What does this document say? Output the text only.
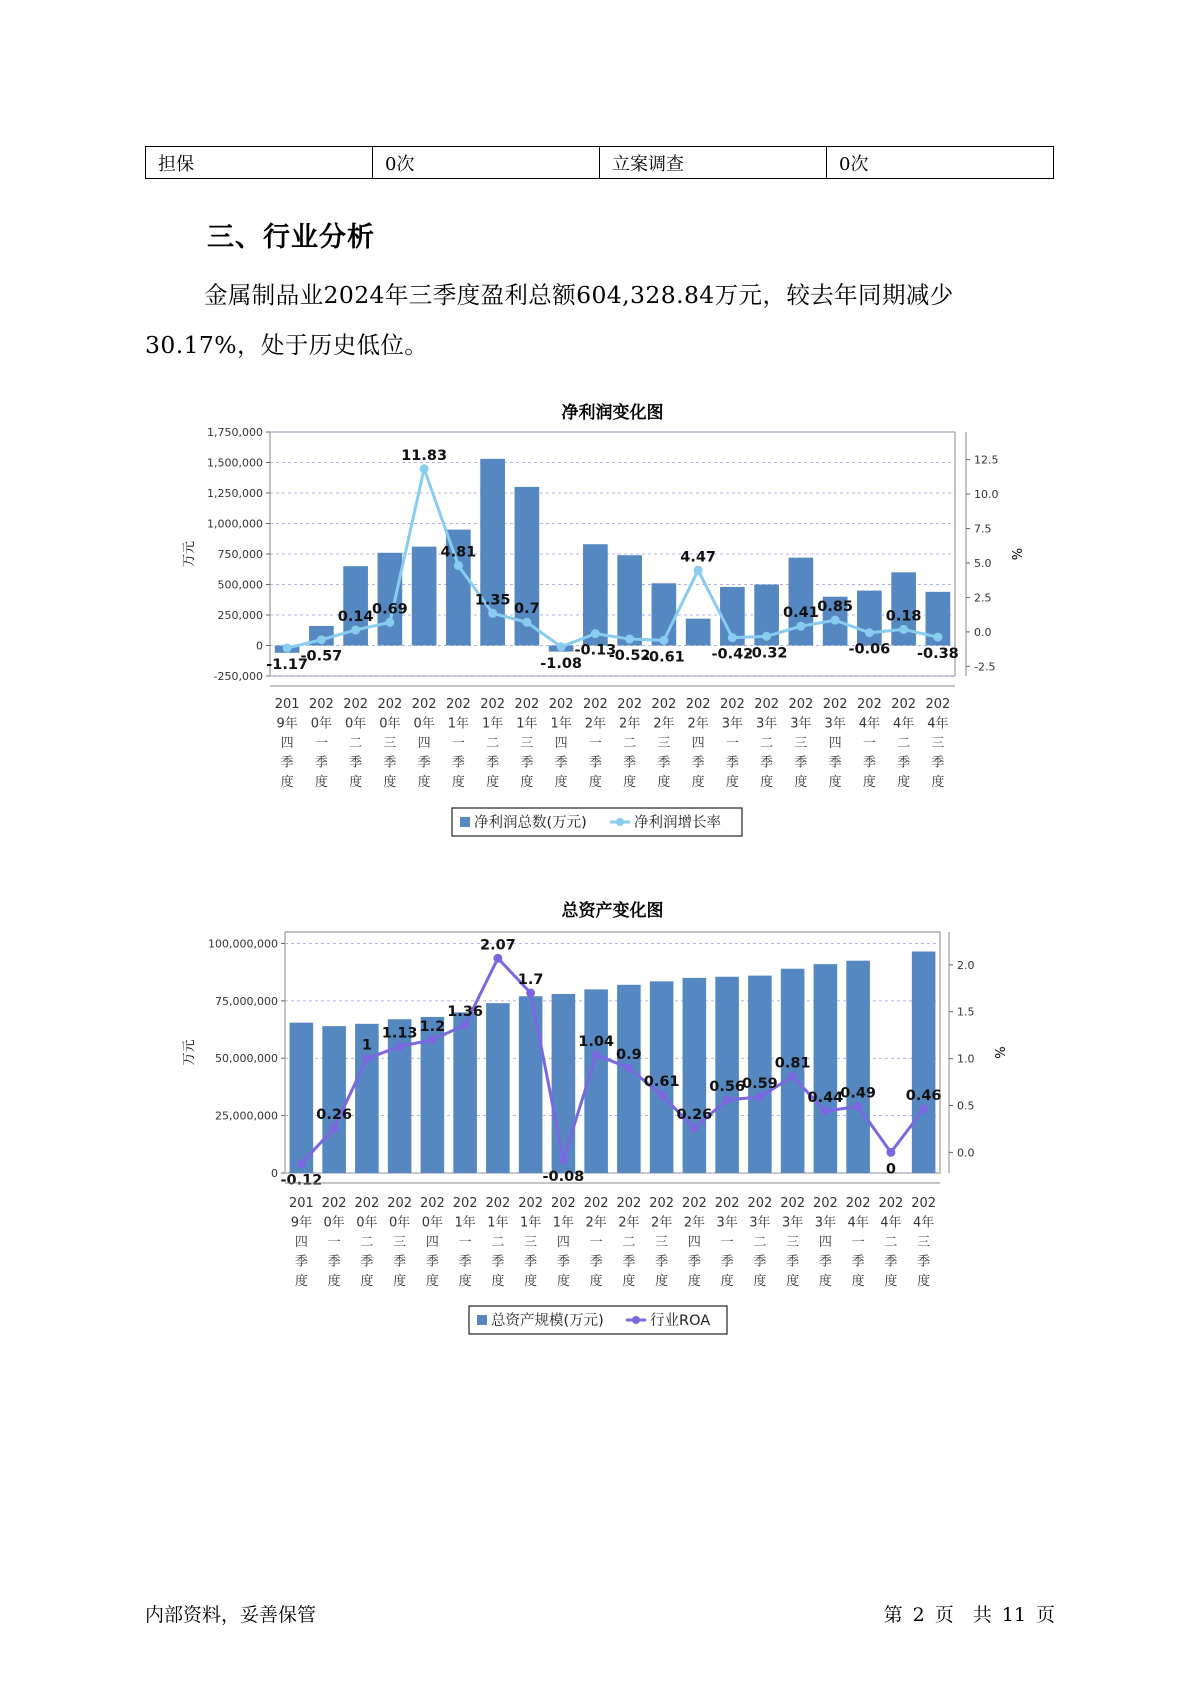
担保	0次	立案调查	0次
三、行业分析

金属制品业2024年三季度盈利总额604,328.84万元，较去年同期减少30.17%，处于历史低位。

净利润变化图
-250,000
0
250,000
500,000
750,000
1,000,000
1,250,000
1,500,000
1,750,000
-2.5
0.0
2.5
5.0
7.5
10.0
12.5
万元	%
-1.17
-0.57
0.14
0.69
11.83
4.81
1.35
0.7
-1.08
-0.13
-0.52
-0.61
4.47
-0.42
-0.32
0.41
0.85
-0.06
0.18
-0.38
201 9年四季度
202 0年一季度
202 0年二季度
202 0年三季度
202 0年四季度
202 1年一季度
202 1年二季度
202 1年三季度
202 1年四季度
202 2年一季度
202 2年二季度
202 2年三季度
202 2年四季度
202 3年一季度
202 3年二季度
202 3年三季度
202 3年四季度
202 4年一季度
202 4年二季度
202 4年三季度
净利润总数(万元)	净利润增长率
总资产变化图
0
25,000,000
50,000,000
75,000,000
100,000,000
0.0
0.5
1.0
1.5
2.0
万元	%
-0.12
0.26
1
1.13 1.2
1.36
2.07
1.7
-0.08
1.04
0.9
0.61
0.26
0.56
0.59
0.81
0.44
0.49
0
0.46
201 9年四季度
202 0年一季度
202 0年二季度
202 0年三季度
202 0年四季度
202 1年一季度
202 1年二季度
202 1年三季度
202 1年四季度
202 2年一季度
202 2年二季度
202 2年三季度
202 2年四季度
202 3年一季度
202 3年二季度
202 3年三季度
202 3年四季度
202 4年一季度
202 4年二季度
202 4年三季度
总资产规模(万元)	行业ROA
内部资料，妥善保管	第 2 页　共 11 页
